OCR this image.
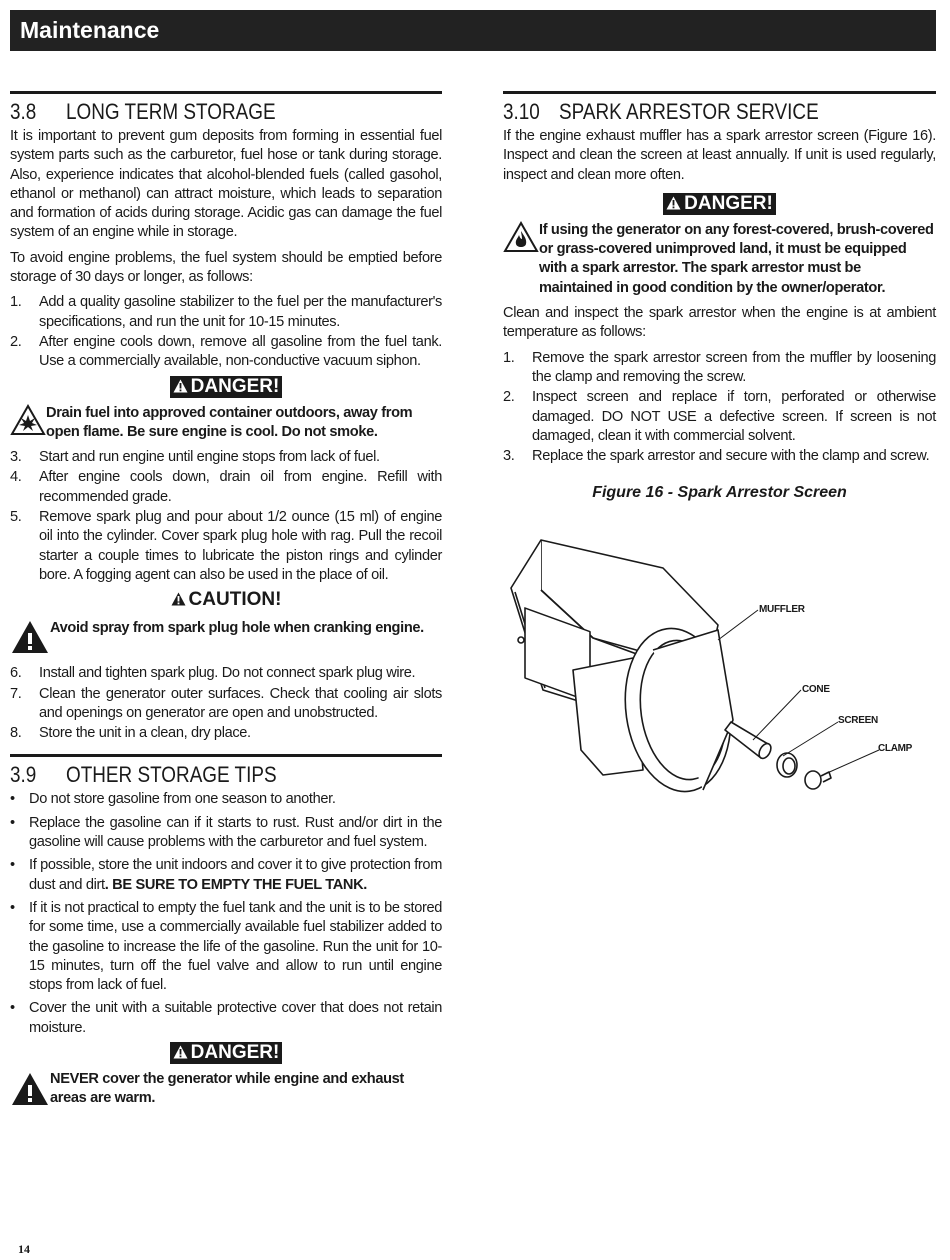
Maintenance
3.8 LONG TERM STORAGE

It is important to prevent gum deposits from forming in essential fuel system parts such as the carburetor, fuel hose or tank during storage. Also, experience indicates that alcohol-blended fuels (called gasohol, ethanol or methanol) can attract moisture, which leads to separation and formation of acids during storage. Acidic gas can damage the fuel system of an engine while in storage.

To avoid engine problems, the fuel system should be emptied before storage of 30 days or longer, as follows:

1.	Add a quality gasoline stabilizer to the fuel per the manufacturer's specifications, and run the unit for 10-15 minutes.
2.	After engine cools down, remove all gasoline from the fuel tank. Use a commercially available, non-conductive vacuum siphon.
DANGER!
Drain fuel into approved container outdoors, away from open flame. Be sure engine is cool. Do not smoke.
3.	Start and run engine until engine stops from lack of fuel.
4.	After engine cools down, drain oil from engine. Refill with recommended grade.
5.	Remove spark plug and pour about 1/2 ounce (15 ml) of engine oil into the cylinder. Cover spark plug hole with rag. Pull the recoil starter a couple times to lubricate the piston rings and cylinder bore. A fogging agent can also be used in the place of oil.
CAUTION!
Avoid spray from spark plug hole when cranking engine.
6.	Install and tighten spark plug. Do not connect spark plug wire.
7.	Clean the generator outer surfaces. Check that cooling air slots and openings on generator are open and unobstructed.
8.	Store the unit in a clean, dry place.
3.9 OTHER STORAGE TIPS
• Do not store gasoline from one season to another.
• Replace the gasoline can if it starts to rust. Rust and/or dirt in the gasoline will cause problems with the carburetor and fuel system.
• If possible, store the unit indoors and cover it to give protection from dust and dirt. BE SURE TO EMPTY THE FUEL TANK.
• If it is not practical to empty the fuel tank and the unit is to be stored for some time, use a commercially available fuel stabilizer added to the gasoline to increase the life of the gasoline. Run the unit for 10-15 minutes, turn off the fuel valve and allow to run until engine stops from lack of fuel.
• Cover the unit with a suitable protective cover that does not retain moisture.
DANGER!
NEVER cover the generator while engine and exhaust areas are warm.
3.10 SPARK ARRESTOR SERVICE

If the engine exhaust muffler has a spark arrestor screen (Figure 16). Inspect and clean the screen at least annually. If unit is used regularly, inspect and clean more often.

DANGER!
If using the generator on any forest-covered, brush-covered or grass-covered unimproved land, it must be equipped with a spark arrestor. The spark arrestor must be maintained in good condition by the owner/operator.

Clean and inspect the spark arrestor when the engine is at ambient temperature as follows:

1.	Remove the spark arrestor screen from the muffler by loosening the clamp and removing the screw.
2.	Inspect screen and replace if torn, perforated or otherwise damaged. DO NOT USE a defective screen. If screen is not damaged, clean it with commercial solvent.
3.	Replace the spark arrestor and secure with the clamp and screw.
Figure 16 - Spark Arrestor Screen
MUFFLER
CONE
SCREEN
CLAMP
14
